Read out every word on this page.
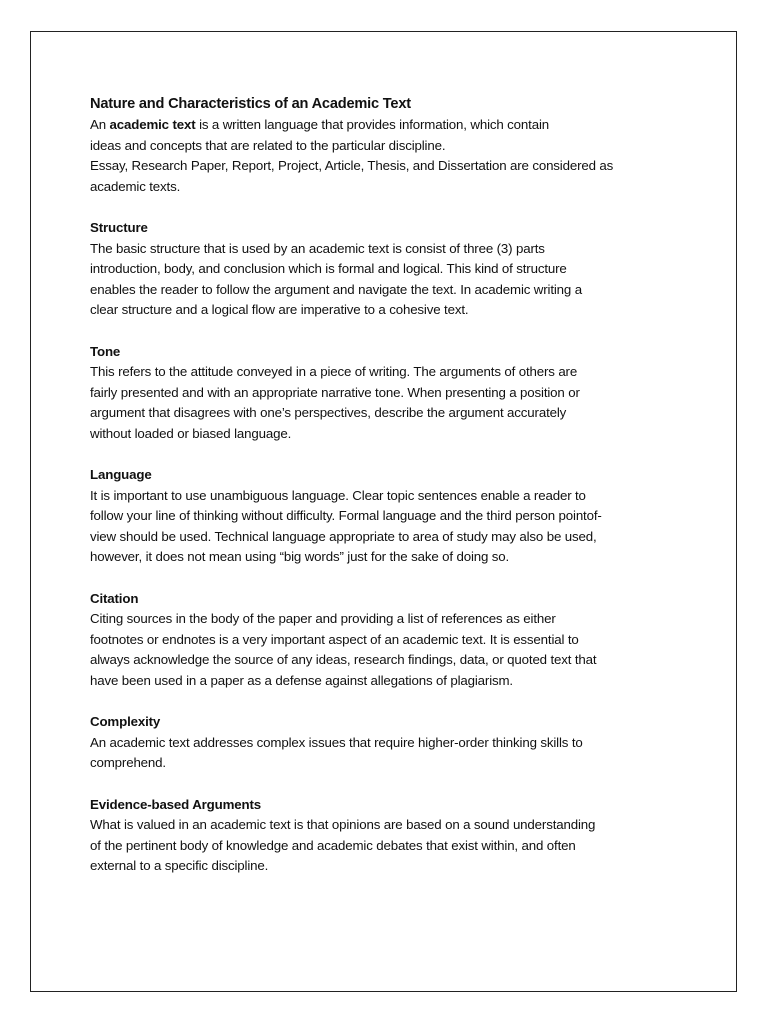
Nature and Characteristics of an Academic Text

An academic text is a written language that provides information, which contain
ideas and concepts that are related to the particular discipline.
Essay, Research Paper, Report, Project, Article, Thesis, and Dissertation are considered as
academic texts.

Structure

The basic structure that is used by an academic text is consist of three (3) parts
introduction, body, and conclusion which is formal and logical. This kind of structure
enables the reader to follow the argument and navigate the text. In academic writing a
clear structure and a logical flow are imperative to a cohesive text.

Tone

This refers to the attitude conveyed in a piece of writing. The arguments of others are
fairly presented and with an appropriate narrative tone. When presenting a position or
argument that disagrees with one’s perspectives, describe the argument accurately
without loaded or biased language.

Language

It is important to use unambiguous language. Clear topic sentences enable a reader to
follow your line of thinking without difficulty. Formal language and the third person pointof-
view should be used. Technical language appropriate to area of study may also be used,
however, it does not mean using “big words” just for the sake of doing so.

Citation

Citing sources in the body of the paper and providing a list of references as either
footnotes or endnotes is a very important aspect of an academic text. It is essential to
always acknowledge the source of any ideas, research findings, data, or quoted text that
have been used in a paper as a defense against allegations of plagiarism.

Complexity

An academic text addresses complex issues that require higher-order thinking skills to
comprehend.

Evidence-based Arguments

What is valued in an academic text is that opinions are based on a sound understanding
of the pertinent body of knowledge and academic debates that exist within, and often
external to a specific discipline.
